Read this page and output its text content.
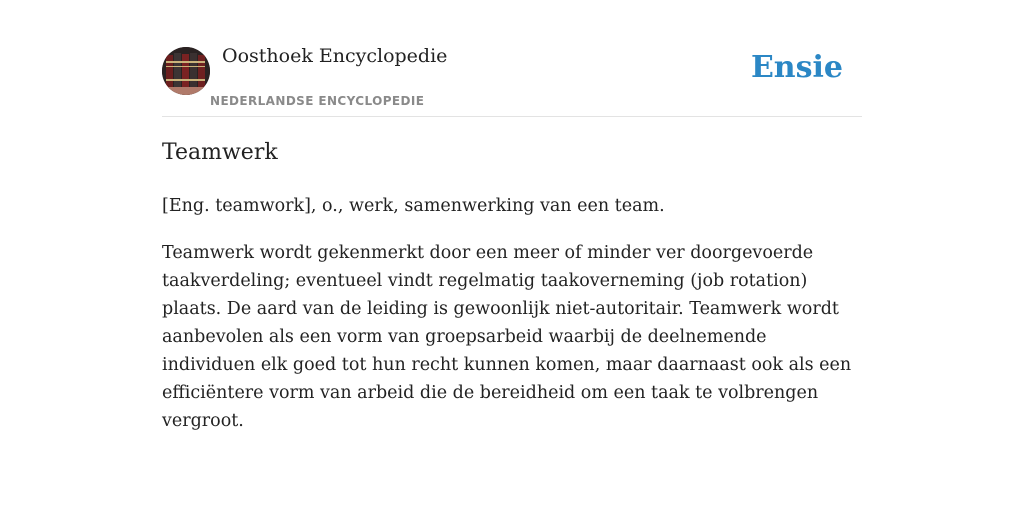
Oosthoek Encyclopedie
NEDERLANDSE ENCYCLOPEDIE
Ensie
Teamwerk

[Eng. teamwork], o., werk, samenwerking van een team.

Teamwerk wordt gekenmerkt door een meer of minder ver doorgevoerde taakverdeling; eventueel vindt regelmatig taakoverneming (job rotation) plaats. De aard van de leiding is gewoonlijk niet-autoritair. Teamwerk wordt aanbevolen als een vorm van groepsarbeid waarbij de deelnemende individuen elk goed tot hun recht kunnen komen, maar daarnaast ook als een efficiëntere vorm van arbeid die de bereidheid om een taak te volbrengen vergroot.
